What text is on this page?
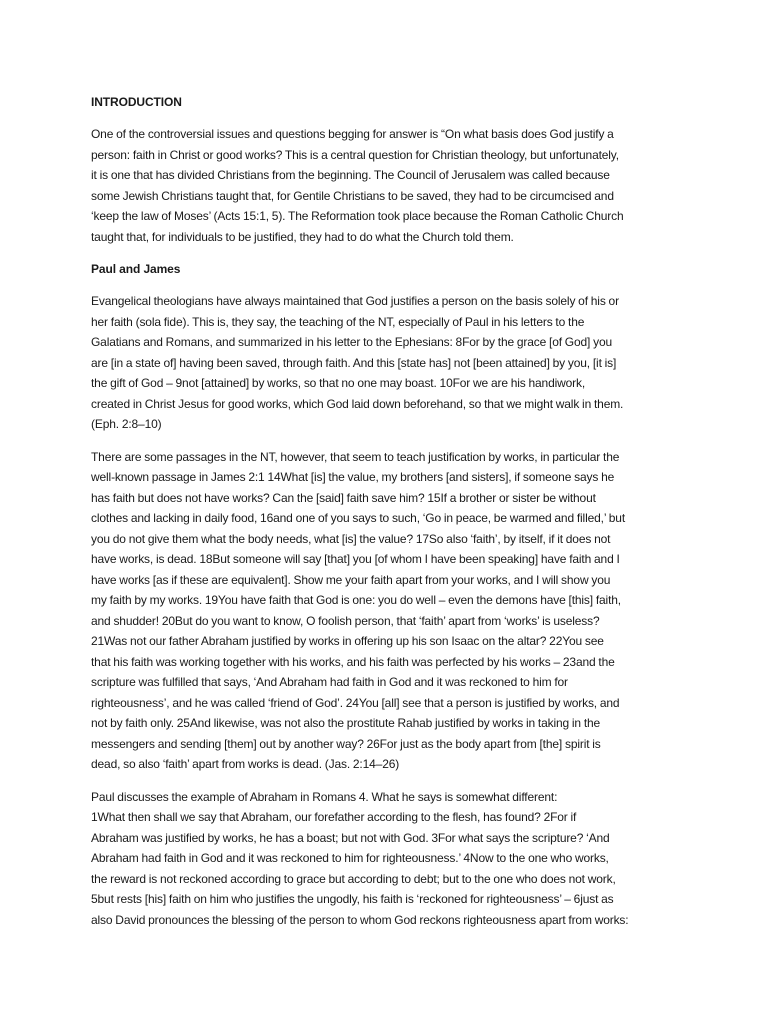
INTRODUCTION
One of the controversial issues and questions begging for answer is “On what basis does God justify a
person: faith in Christ or good works? This is a central question for Christian theology, but unfortunately,
it is one that has divided Christians from the beginning. The Council of Jerusalem was called because
some Jewish Christians taught that, for Gentile Christians to be saved, they had to be circumcised and
‘keep the law of Moses’ (Acts 15:1, 5). The Reformation took place because the Roman Catholic Church
taught that, for individuals to be justified, they had to do what the Church told them.
Paul and James
Evangelical theologians have always maintained that God justifies a person on the basis solely of his or
her faith (sola fide). This is, they say, the teaching of the NT, especially of Paul in his letters to the
Galatians and Romans, and summarized in his letter to the Ephesians: 8For by the grace [of God] you
are [in a state of] having been saved, through faith. And this [state has] not [been attained] by you, [it is]
the gift of God – 9not [attained] by works, so that no one may boast. 10For we are his handiwork,
created in Christ Jesus for good works, which God laid down beforehand, so that we might walk in them.
(Eph. 2:8–10)
There are some passages in the NT, however, that seem to teach justification by works, in particular the
well-known passage in James 2:1 14What [is] the value, my brothers [and sisters], if someone says he
has faith but does not have works? Can the [said] faith save him? 15If a brother or sister be without
clothes and lacking in daily food, 16and one of you says to such, ‘Go in peace, be warmed and filled,’ but
you do not give them what the body needs, what [is] the value? 17So also ‘faith’, by itself, if it does not
have works, is dead. 18But someone will say [that] you [of whom I have been speaking] have faith and I
have works [as if these are equivalent]. Show me your faith apart from your works, and I will show you
my faith by my works. 19You have faith that God is one: you do well – even the demons have [this] faith,
and shudder! 20But do you want to know, O foolish person, that ‘faith’ apart from ‘works’ is useless?
21Was not our father Abraham justified by works in offering up his son Isaac on the altar? 22You see
that his faith was working together with his works, and his faith was perfected by his works – 23and the
scripture was fulfilled that says, ‘And Abraham had faith in God and it was reckoned to him for
righteousness’, and he was called ‘friend of God’. 24You [all] see that a person is justified by works, and
not by faith only. 25And likewise, was not also the prostitute Rahab justified by works in taking in the
messengers and sending [them] out by another way? 26For just as the body apart from [the] spirit is
dead, so also ‘faith’ apart from works is dead. (Jas. 2:14–26)
Paul discusses the example of Abraham in Romans 4. What he says is somewhat different:
1What then shall we say that Abraham, our forefather according to the flesh, has found? 2For if
Abraham was justified by works, he has a boast; but not with God. 3For what says the scripture? ‘And
Abraham had faith in God and it was reckoned to him for righteousness.’ 4Now to the one who works,
the reward is not reckoned according to grace but according to debt; but to the one who does not work,
5but rests [his] faith on him who justifies the ungodly, his faith is ‘reckoned for righteousness’ – 6just as
also David pronounces the blessing of the person to whom God reckons righteousness apart from works:
